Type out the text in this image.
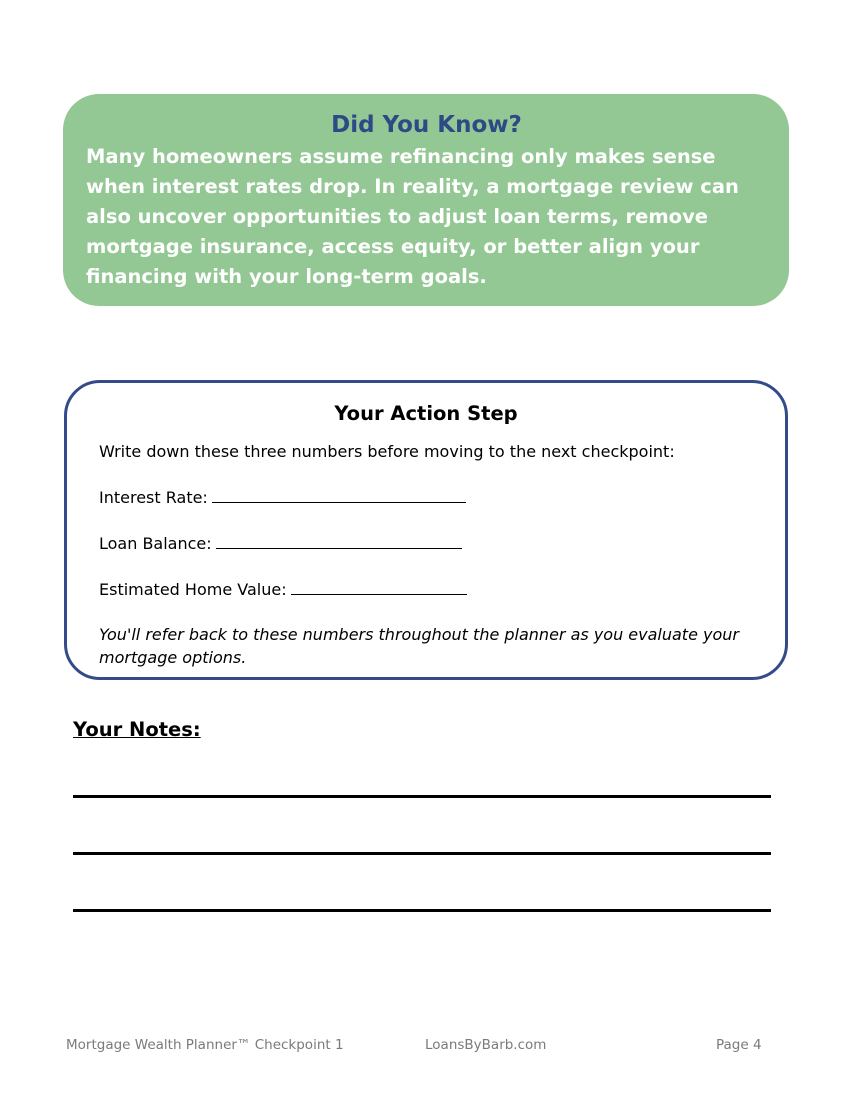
Did You Know?

Many homeowners assume refinancing only makes sense when interest rates drop. In reality, a mortgage review can also uncover opportunities to adjust loan terms, remove mortgage insurance, access equity, or better align your financing with your long-term goals.

Your Action Step

Write down these three numbers before moving to the next checkpoint:

Interest Rate:

Loan Balance:

Estimated Home Value:

You'll refer back to these numbers throughout the planner as you evaluate your mortgage options.

Your Notes:

Mortgage Wealth Planner™ Checkpoint 1	LoansByBarb.com	Page 4
